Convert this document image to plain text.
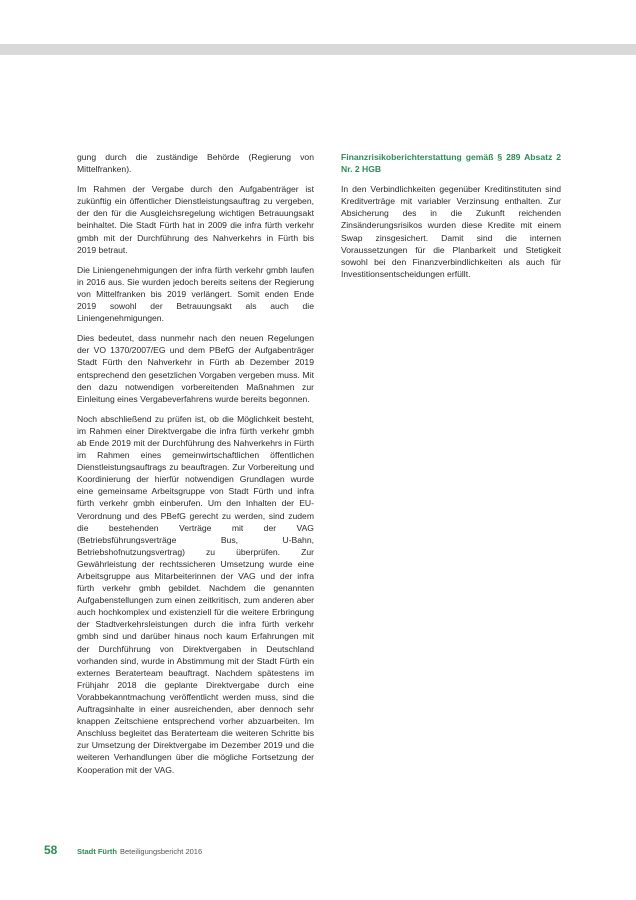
gung durch die zuständige Behörde (Regierung von Mittelfranken).

Im Rahmen der Vergabe durch den Aufgabenträger ist zukünftig ein öffentlicher Dienstleistungsauftrag zu vergeben, der den für die Ausgleichsregelung wichtigen Betrauungsakt beinhaltet. Die Stadt Fürth hat in 2009 die infra fürth verkehr gmbh mit der Durchführung des Nahverkehrs in Fürth bis 2019 betraut.

Die Liniengenehmigungen der infra fürth verkehr gmbh laufen in 2016 aus. Sie wurden jedoch bereits seitens der Regierung von Mittelfranken bis 2019 verlängert. Somit enden Ende 2019 sowohl der Betrauungsakt als auch die Liniengenehmigungen.

Dies bedeutet, dass nunmehr nach den neuen Regelungen der VO 1370/2007/EG und dem PBefG der Aufgabenträger Stadt Fürth den Nahverkehr in Fürth ab Dezember 2019 entsprechend den gesetzlichen Vorgaben vergeben muss. Mit den dazu notwendigen vorbereitenden Maßnahmen zur Einleitung eines Vergabeverfahrens wurde bereits begonnen.

Noch abschließend zu prüfen ist, ob die Möglichkeit besteht, im Rahmen einer Direktvergabe die infra fürth verkehr gmbh ab Ende 2019 mit der Durchführung des Nahverkehrs in Fürth im Rahmen eines gemeinwirtschaftlichen öffentlichen Dienstleistungsauftrags zu beauftragen. Zur Vorbereitung und Koordinierung der hierfür notwendigen Grundlagen wurde eine gemeinsame Arbeitsgruppe von Stadt Fürth und infra fürth verkehr gmbh einberufen. Um den Inhalten der EU-Verordnung und des PBefG gerecht zu werden, sind zudem die bestehenden Verträge mit der VAG (Betriebsführungsverträge Bus, U-Bahn, Betriebshofnutzungsvertrag) zu überprüfen. Zur Gewährleistung der rechtssicheren Umsetzung wurde eine Arbeitsgruppe aus Mitarbeiterinnen der VAG und der infra fürth verkehr gmbh gebildet. Nachdem die genannten Aufgabenstellungen zum einen zeitkritisch, zum anderen aber auch hochkomplex und existenziell für die weitere Erbringung der Stadtverkehrsleistungen durch die infra fürth verkehr gmbh sind und darüber hinaus noch kaum Erfahrungen mit der Durchführung von Direktvergaben in Deutschland vorhanden sind, wurde in Abstimmung mit der Stadt Fürth ein externes Beraterteam beauftragt. Nachdem spätestens im Frühjahr 2018 die geplante Direktvergabe durch eine Vorabbekanntmachung veröffentlicht werden muss, sind die Auftragsinhalte in einer ausreichenden, aber dennoch sehr knappen Zeitschiene entsprechend vorher abzuarbeiten. Im Anschluss begleitet das Beraterteam die weiteren Schritte bis zur Umsetzung der Direktvergabe im Dezember 2019 und die weiteren Verhandlungen über die mögliche Fortsetzung der Kooperation mit der VAG.

Finanzrisikoberichterstattung gemäß § 289 Absatz 2 Nr. 2 HGB

In den Verbindlichkeiten gegenüber Kreditinstituten sind Kreditverträge mit variabler Verzinsung enthalten. Zur Absicherung des in die Zukunft reichenden Zinsänderungsrisikos wurden diese Kredite mit einem Swap zinsgesichert. Damit sind die internen Voraussetzungen für die Planbarkeit und Stetigkeit sowohl bei den Finanzverbindlichkeiten als auch für Investitionsentscheidungen erfüllt.

58	Stadt Fürth Beteiligungsbericht 2016
